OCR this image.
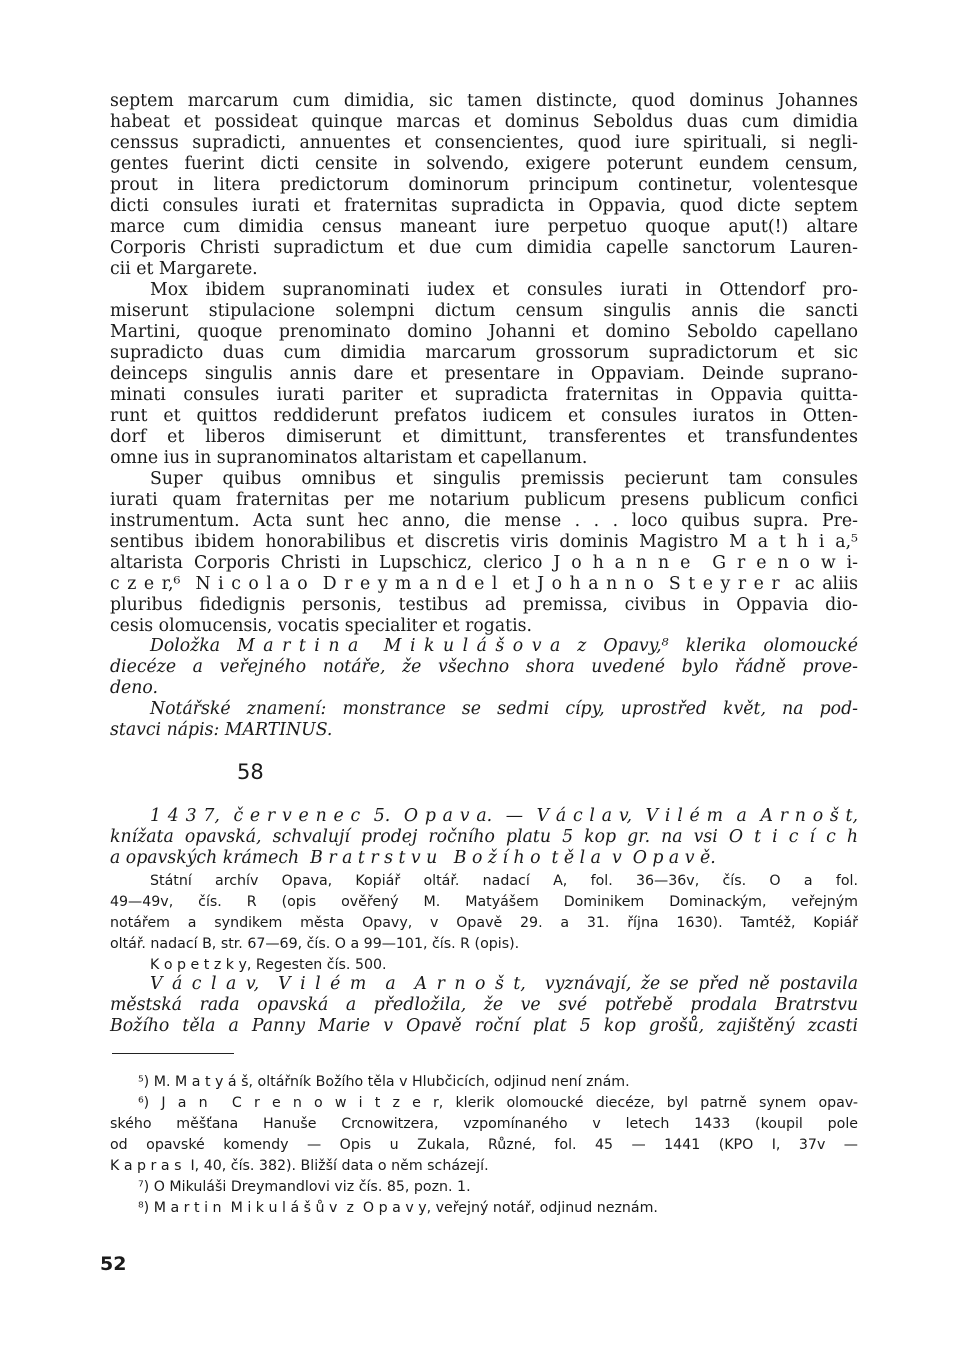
septem marcarum cum dimidia, sic tamen distincte, quod dominus Johannes
habeat et possideat quinque marcas et dominus Seboldus duas cum dimidia
censsus supradicti, annuentes et consencientes, quod iure spirituali, si negli-
gentes fuerint dicti censite in solvendo, exigere poterunt eundem censum,
prout in litera predictorum dominorum principum continetur, volentesque
dicti consules iurati et fraternitas supradicta in Oppavia, quod dicte septem
marce cum dimidia census maneant iure perpetuo quoque aput(!) altare
Corporis Christi supradictum et due cum dimidia capelle sanctorum Lauren-
cii et Margarete.
Mox ibidem supranominati iudex et consules iurati in Ottendorf pro-
miserunt stipulacione solempni dictum censum singulis annis die sancti
Martini, quoque prenominato domino Johanni et domino Seboldo capellano
supradicto duas cum dimidia marcarum grossorum supradictorum et sic
deinceps singulis annis dare et presentare in Oppaviam. Deinde suprano-
minati consules iurati pariter et supradicta fraternitas in Oppavia quitta-
runt et quittos reddiderunt prefatos iudicem et consules iuratos in Otten-
dorf et liberos dimiserunt et dimittunt, transferentes et transfundentes
omne ius in supranominatos altaristam et capellanum.
Super quibus omnibus et singulis premissis pecierunt tam consules
iurati quam fraternitas per me notarium publicum presens publicum confici
instrumentum. Acta sunt hec anno, die mense . . . loco quibus supra. Pre-
sentibus ibidem honorabilibus et discretis viris dominis Magistro M a t h i a,⁵
altarista Corporis Christi in Lupschicz, clerico J o h a n n e  G r e n o w i-
c z e r,⁶  N i c o l a o  D r e y m a n d e l  et J o h a n n o  S t e y r e r  ac aliis
pluribus fidedignis personis, testibus ad premissa, civibus in Oppavia dio-
cesis olomucensis, vocatis specialiter et rogatis.
Doložka  M a r t i n a   M i k u l á š o v a  z  Opavy,⁸  klerika  olomoucké
diecéze a veřejného notáře, že všechno shora uvedené bylo řádně prove-
deno.
Notářské znamení: monstrance se sedmi cípy, uprostřed květ, na pod-
stavci nápis: MARTINUS.
58
1 4 3 7,  č e r v e n e c  5.  O p a v a.  —  V á c l a v,  V i l é m  a  A r n o š t,
knížata opavská, schvalují prodej ročního platu 5 kop gr. na vsi O t i c í c h
a opavských krámech  B r a t r s t v u   B o ž í h o  t ě l a  v  O p a v ě.
Státní archív Opava, Kopiář oltář. nadací A, fol. 36—36v, čís. O a fol.
49—49v, čís. R (opis ověřený M. Matyášem Dominikem Dominackým, veřejným
notářem a syndikem města Opavy, v Opavě 29. a 31. října 1630). Tamtéž, Kopiář
oltář. nadací B, str. 67—69, čís. O a 99—101, čís. R (opis).
K o p e t z k y, Regesten čís. 500.
V á c l a v,  V i l é m  a  A r n o š t,  vyznávají, že se před ně postavila
městská rada opavská a předložila, že ve své potřebě prodala Bratrstvu
Božího těla a Panny Marie v Opavě roční plat 5 kop grošů, zajištěný zcasti
⁵) M. M a t y á š, oltářník Božího těla v Hlubčicích, odjinud není znám.
⁶) J a n  C r e n o w i t z e r, klerik olomoucké diecéze, byl patrně synem opav-
ského měšťana Hanuše Crcnowitzera, vzpomínaného v letech 1433 (koupil pole
od opavské komendy — Opis u Zukala, Různé, fol. 45 — 1441 (KPO I, 37v —
K a p r a s  I, 40, čís. 382). Bližší data o něm scházejí.
⁷) O Mikuláši Dreymandlovi viz čís. 85, pozn. 1.
⁸) M a r t i n  M i k u l á š ů v  z  O p a v y, veřejný notář, odjinud neznám.
52
